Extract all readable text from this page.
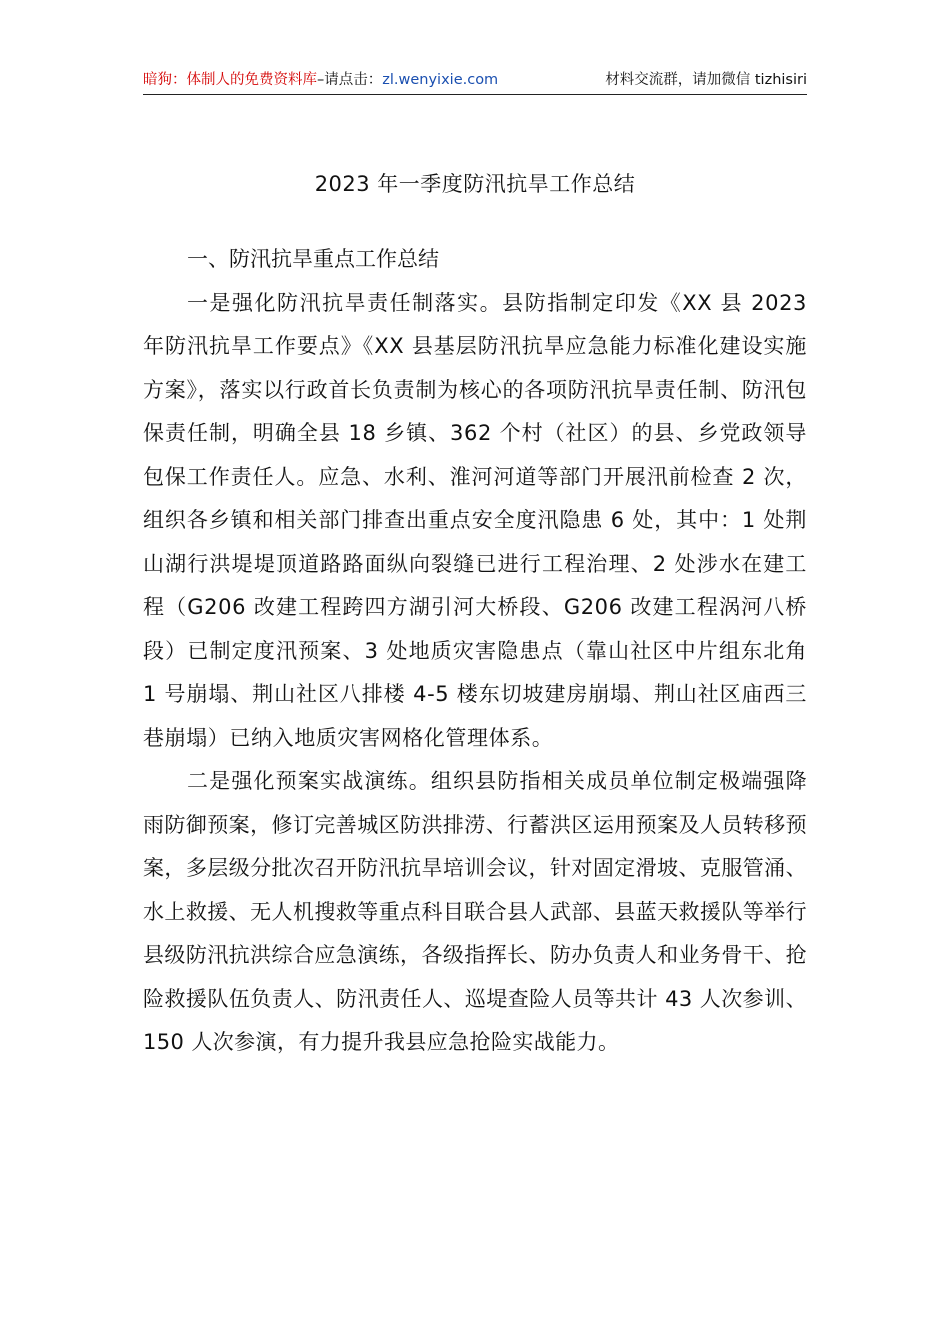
暗狗：体制人的免费资料库–请点击：zl.wenyixie.com	材料交流群，请加微信 tizhisiri
2023 年一季度防汛抗旱工作总结

一、防汛抗旱重点工作总结

一是强化防汛抗旱责任制落实。县防指制定印发《XX 县 2023 年防汛抗旱工作要点》《XX 县基层防汛抗旱应急能力标准化建设实施方案》，落实以行政首长负责制为核心的各项防汛抗旱责任制、防汛包保责任制，明确全县 18 乡镇、362 个村（社区）的县、乡党政领导包保工作责任人。应急、水利、淮河河道等部门开展汛前检查 2 次，组织各乡镇和相关部门排查出重点安全度汛隐患 6 处，其中：1 处荆山湖行洪堤堤顶道路路面纵向裂缝已进行工程治理、2 处涉水在建工程（G206 改建工程跨四方湖引河大桥段、G206 改建工程涡河八桥段）已制定度汛预案、3 处地质灾害隐患点（靠山社区中片组东北角 1 号崩塌、荆山社区八排楼 4-5 楼东切坡建房崩塌、荆山社区庙西三巷崩塌）已纳入地质灾害网格化管理体系。

二是强化预案实战演练。组织县防指相关成员单位制定极端强降雨防御预案，修订完善城区防洪排涝、行蓄洪区运用预案及人员转移预案，多层级分批次召开防汛抗旱培训会议，针对固定滑坡、克服管涌、水上救援、无人机搜救等重点科目联合县人武部、县蓝天救援队等举行县级防汛抗洪综合应急演练，各级指挥长、防办负责人和业务骨干、抢险救援队伍负责人、防汛责任人、巡堤查险人员等共计 43 人次参训、150 人次参演，有力提升我县应急抢险实战能力。
